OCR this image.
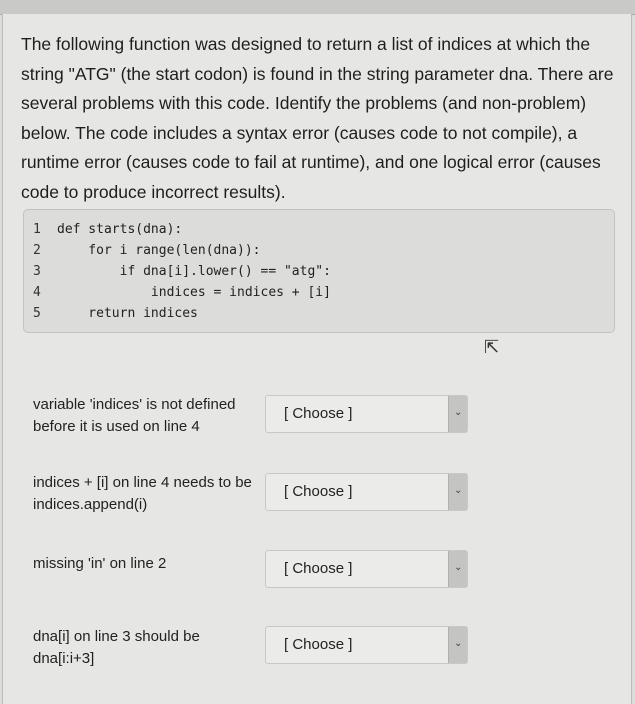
The following function was designed to return a list of indices at which the string "ATG" (the start codon) is found in the string parameter dna. There are several problems with this code. Identify the problems (and non-problem) below. The code includes a syntax error (causes code to not compile), a runtime error (causes code to fail at runtime), and one logical error (causes code to produce incorrect results).
1	def starts(dna):
2	for i range(len(dna)):
3	if dna[i].lower() == "atg":
4	indices = indices + [i]
5	return indices
⇱
variable 'indices' is not defined before it is used on line 4
[ Choose ]	⌄
indices + [i] on line 4 needs to be indices.append(i)
[ Choose ]	⌄
missing 'in' on line 2	[ Choose ]	⌄
dna[i] on line 3 should be dna[i:i+3]
[ Choose ]	⌄
